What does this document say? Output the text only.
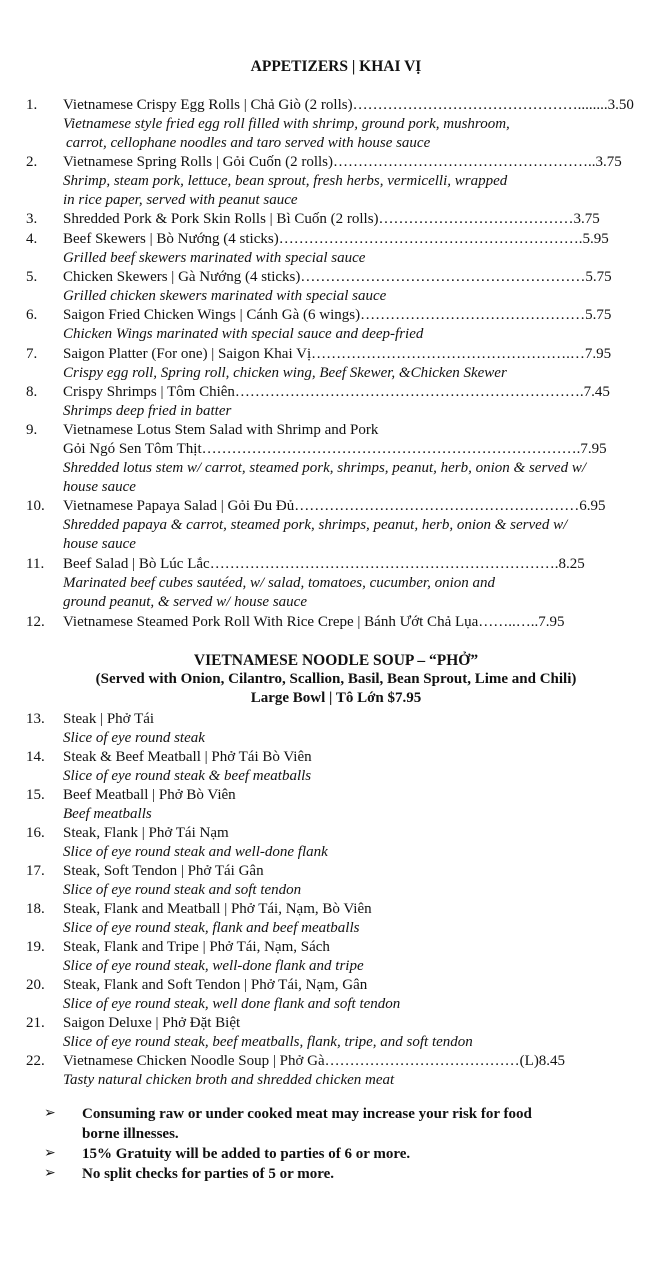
APPETIZERS | KHAI VỊ
1.	Vietnamese Crispy Egg Rolls | Chả Giò (2 rolls)………………………………………........3.50
Vietnamese style fried egg roll filled with shrimp, ground pork, mushroom,
carrot, cellophane noodles and taro served with house sauce
2.	Vietnamese Spring Rolls | Gỏi Cuốn (2 rolls)……………………………………………..3.75
Shrimp, steam pork, lettuce, bean sprout, fresh herbs, vermicelli, wrapped
in rice paper, served with peanut sauce
3.	Shredded Pork & Pork Skin Rolls | Bì Cuốn (2 rolls)…………………………………3.75
4.	Beef Skewers | Bò Nướng (4 sticks)…………………………………………………….5.95
Grilled beef skewers marinated with special sauce
5.	Chicken Skewers | Gà Nướng (4 sticks)…………………………………………………5.75
Grilled chicken skewers marinated with special sauce
6.	Saigon Fried Chicken Wings | Cánh Gà (6 wings)………………………………………5.75
Chicken Wings marinated with special sauce and deep-fried
7.	Saigon Platter (For one) | Saigon Khai Vị…………………………………………….…7.95
Crispy egg roll, Spring roll, chicken wing, Beef Skewer, &Chicken Skewer
8.	Crispy Shrimps | Tôm Chiên…………………………………………………………….7.45
Shrimps deep fried in batter
9.	Vietnamese Lotus Stem Salad with Shrimp and Pork
Gỏi Ngó Sen Tôm Thịt………………………………………………………………….7.95
Shredded lotus stem w/ carrot, steamed pork, shrimps, peanut, herb, onion & served w/
house sauce
10.	Vietnamese Papaya Salad | Gỏi Đu Đủ…………………………………………………6.95
Shredded papaya & carrot, steamed pork, shrimps, peanut, herb, onion & served w/
house sauce
11.	Beef Salad | Bò Lúc Lắc…………………………………………………………….8.25
Marinated beef cubes sautéed, w/ salad, tomatoes, cucumber, onion and
ground peanut, & served w/ house sauce
12.	Vietnamese Steamed Pork Roll With Rice Crepe | Bánh Ướt Chả Lụa……..…..7.95
VIETNAMESE NOODLE SOUP – “PHỞ”
(Served with Onion, Cilantro, Scallion, Basil, Bean Sprout, Lime and Chili)
Large Bowl | Tô Lớn $7.95
13.	Steak | Phở Tái
Slice of eye round steak
14.	Steak & Beef Meatball | Phở Tái Bò Viên
Slice of eye round steak & beef meatballs
15.	Beef Meatball | Phở Bò Viên
Beef meatballs
16.	Steak, Flank | Phở Tái Nạm
Slice of eye round steak and well-done flank
17.	Steak, Soft Tendon | Phở Tái Gân
Slice of eye round steak and soft tendon
18.	Steak, Flank and Meatball | Phở Tái, Nạm, Bò Viên
Slice of eye round steak, flank and beef meatballs
19.	Steak, Flank and Tripe | Phở Tái, Nạm, Sách
Slice of eye round steak, well-done flank and tripe
20.	Steak, Flank and Soft Tendon | Phở Tái, Nạm, Gân
Slice of eye round steak, well done flank and soft tendon
21.	Saigon Deluxe | Phở Đặt Biệt
Slice of eye round steak, beef meatballs, flank, tripe, and soft tendon
22.	Vietnamese Chicken Noodle Soup | Phở Gà…………………………………(L)8.45
Tasty natural chicken broth and shredded chicken meat
➢ Consuming raw or under cooked meat may increase your risk for food
borne illnesses.
➢ 15% Gratuity will be added to parties of 6 or more.
➢ No split checks for parties of 5 or more.
